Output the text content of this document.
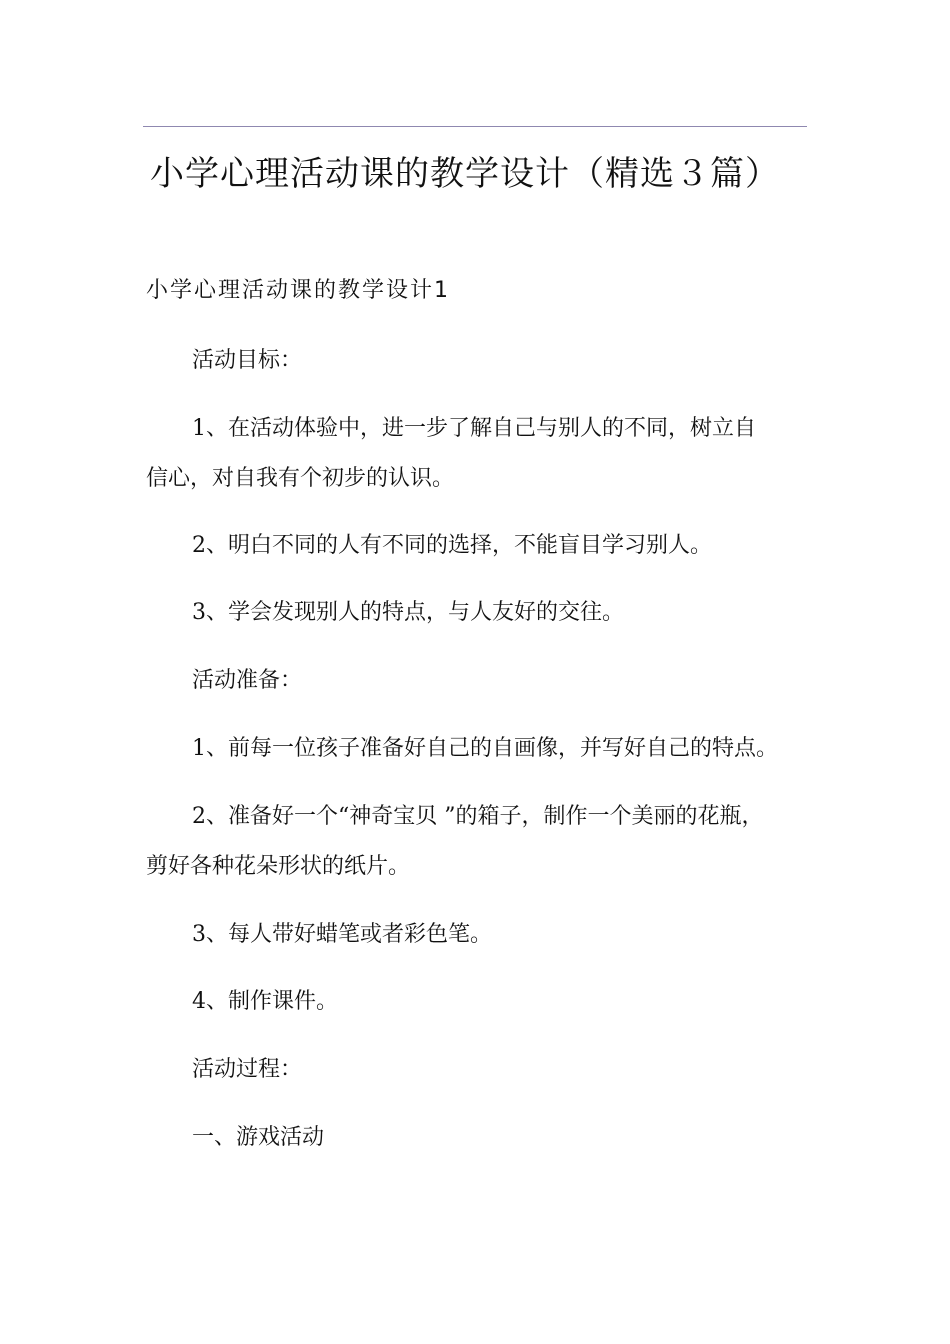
小学心理活动课的教学设计（精选３篇）
小学心理活动课的教学设计1
活动目标：
1、在活动体验中，进一步了解自己与别人的不同，树立自
信心，对自我有个初步的认识。
2、明白不同的人有不同的选择，不能盲目学习别人。
3、学会发现别人的特点，与人友好的交往。
活动准备：
1、前每一位孩子准备好自己的自画像，并写好自己的特点。
2、准备好一个“神奇宝贝 ”的箱子，制作一个美丽的花瓶，
剪好各种花朵形状的纸片。
3、每人带好蜡笔或者彩色笔。
4、制作课件。
活动过程：
一、游戏活动
